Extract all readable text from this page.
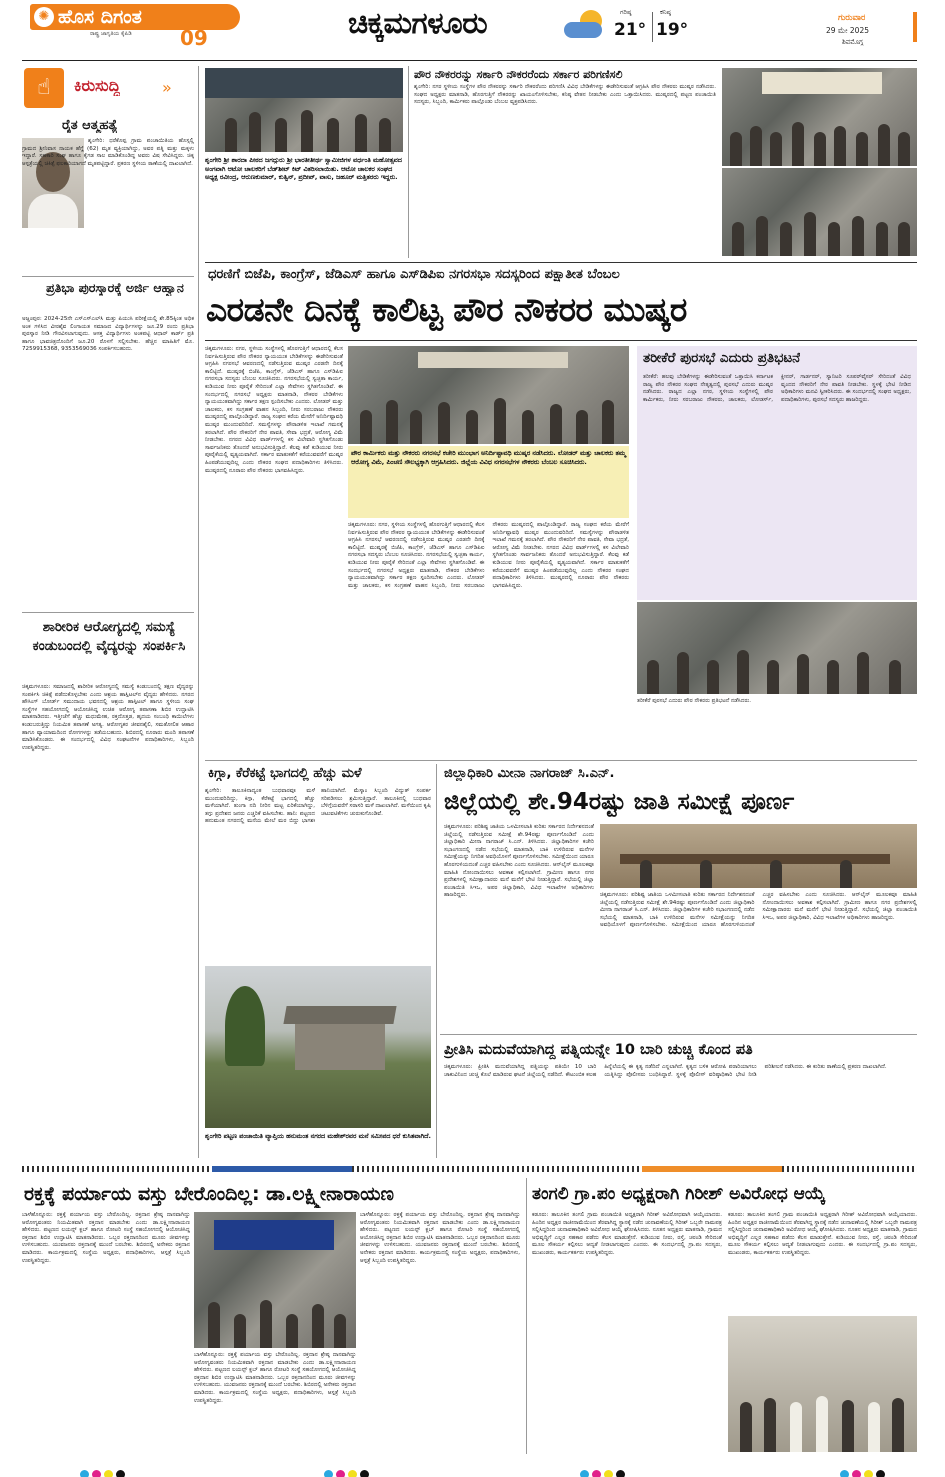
✺ ಹೊಸ ದಿಗಂತ
ರಾಷ್ಟ್ರ ಜಾಗೃತಿಯ ಕೈಪಿಡಿ 09	ಚಿಕ್ಕಮಗಳೂರು	ಗರಿಷ್ಠ
21°
ಕನಿಷ್ಠ
19°
ಗುರುವಾರ
29 ಮೇ 2025
ಶಿವಮೊಗ್ಗ
☝	ಕಿರುಸುದ್ದಿ	»
ರೈತ ಆತ್ಮಹತ್ಯೆ
ಶೃಂಗೇರಿ: ಧರೆಕೊಪ್ಪ ಗ್ರಾಮ ಪಂಚಾಯಿತಿಯ ಹೊಸ್ಸಲ್ಲಿ ಗ್ರಾಮದ ಶ್ರೀನಿವಾಸ ನಾಯಕ ಹೆಗ್ಡೆ (62) ಮೃತ ವ್ಯಕ್ತಿಯಾಗಿದ್ದು, ಅವರ ಪತ್ನಿ ಮತ್ತು ಮಕ್ಕಳು ಇದ್ದಾರೆ. ಸಹಕಾರಿ ಸಂಘ ಹಾಗೂ ಕೈಗಡ ಸಾಲ ಮಾಡಿಕೊಂಡಿದ್ದ ಅವರು ವಿಷ ಸೇವಿಸಿದ್ದರು. ಚಿಕ್ಕ ಆಸ್ಪತ್ರೆಯಲ್ಲಿ ಚಿಕಿತ್ಸೆ ಫಲಕಾರಿಯಾಗದೆ ಮೃತಪಟ್ಟಿದ್ದಾರೆ. ಪ್ರಕರಣ ಸ್ಥಳೀಯ ಠಾಣೆಯಲ್ಲಿ ದಾಖಲಾಗಿದೆ.
ಪ್ರತಿಭಾ ಪುರಸ್ಕಾರಕ್ಕೆ ಅರ್ಜಿ ಆಹ್ವಾನ
ಅಜ್ಜಂಪುರ: 2024-25ನೇ ಎಸ್‌ಎಸ್‌ಎಲ್‌ಸಿ ಮತ್ತು ಪಿಯುಸಿ ಪರೀಕ್ಷೆಯಲ್ಲಿ ಶೇ.85ಕ್ಕಿಂತ ಅಧಿಕ ಅಂಕ ಗಳಿಸಿದ ವೀರಶೈವ ಲಿಂಗಾಯತ ಸಮಾಜದ ವಿದ್ಯಾರ್ಥಿಗಳನ್ನು ಜೂ.29 ರಂದು ಪ್ರತಿಭಾ ಪುರಸ್ಕಾರ ನೀಡಿ ಗೌರವಿಸಲಾಗುವುದು. ಆಸಕ್ತ ವಿದ್ಯಾರ್ಥಿಗಳು ಅಂಕಪಟ್ಟಿ ಆಧಾರ್ ಕಾರ್ಡ್ ಪ್ರತಿ ಹಾಗೂ ಭಾವಚಿತ್ರದೊಂದಿಗೆ ಜೂ.20 ರೊಳಗೆ ಸಲ್ಲಿಸಬೇಕು. ಹೆಚ್ಚಿನ ಮಾಹಿತಿಗೆ ಮೊ. 7259915368, 9353569036 ಸಂಪರ್ಕಿಸಬಹುದು.
ಶಾರೀರಿಕ ಆರೋಗ್ಯದಲ್ಲಿ ಸಮಸ್ಯೆ ಕಂಡುಬಂದಲ್ಲಿ ವೈದ್ಯರನ್ನು ಸಂಪರ್ಕಿಸಿ
ಚಿಕ್ಕಮಗಳೂರು: ಸಮಾಜದಲ್ಲಿ ಶಾರೀರಿಕ ಆರೋಗ್ಯದಲ್ಲಿ ಸಮಸ್ಯೆ ಕಂಡುಬಂದಲ್ಲಿ ತಕ್ಷಣ ವೈದ್ಯರನ್ನು ಸಂಪರ್ಕಿಸಿ ಚಿಕಿತ್ಸೆ ಪಡೆದುಕೊಳ್ಳಬೇಕು ಎಂದು ಆಶ್ರಯ ಹಾಸ್ಪಿಟಲ್‌ನ ವೈದ್ಯರು ಹೇಳಿದರು. ನಗರದ ಹೌಸಿಂಗ್ ಬೋರ್ಡ್ ಸಮುದಾಯ ಭವನದಲ್ಲಿ ಆಶ್ರಯ ಹಾಸ್ಪಿಟಲ್ ಹಾಗೂ ಸ್ಥಳೀಯ ಸಂಘ ಸಂಸ್ಥೆಗಳ ಸಹಯೋಗದಲ್ಲಿ ಆಯೋಜಿಸಿದ್ದ ಉಚಿತ ಆರೋಗ್ಯ ತಪಾಸಣಾ ಶಿಬಿರ ಉದ್ಘಾಟಿಸಿ ಮಾತನಾಡಿದರು. ಇತ್ತೀಚೆಗೆ ಹೆಚ್ಚು ಮಧುಮೇಹ, ರಕ್ತದೊತ್ತಡ, ಹೃದಯ ಸಂಬಂಧಿ ಕಾಯಿಲೆಗಳು ಕಂಡುಬರುತ್ತಿದ್ದು ನಿಯಮಿತ ತಪಾಸಣೆ ಅಗತ್ಯ. ಆರೋಗ್ಯಕರ ಜೀವನಶೈಲಿ, ಸಮತೋಲಿತ ಆಹಾರ ಹಾಗೂ ವ್ಯಾಯಾಮದಿಂದ ರೋಗಗಳನ್ನು ತಡೆಯಬಹುದು. ಶಿಬಿರದಲ್ಲಿ ನೂರಾರು ಮಂದಿ ತಪಾಸಣೆ ಮಾಡಿಸಿಕೊಂಡರು. ಈ ಸಂದರ್ಭದಲ್ಲಿ ವಿವಿಧ ಸಂಘಟನೆಗಳ ಪದಾಧಿಕಾರಿಗಳು, ಸಿಬ್ಬಂದಿ ಉಪಸ್ಥಿತರಿದ್ದರು.
ಶೃಂಗೇರಿ ಶ್ರೀ ಶಾರದಾ ಪೀಠದ ಜಗದ್ಗುರು ಶ್ರೀ ಭಾರತೀತೀರ್ಥ ಸ್ವಾಮೀಜಿಗಳ ವರ್ಧಂತಿ ಮಹೋತ್ಸವದ ಅಂಗವಾಗಿ ಆಟೋ ಚಾಲಕರಿಗೆ ಬೆಡ್‌ಶೀಟ್ ಕಿಟ್ ವಿತರಿಸಲಾಯಿತು. ಆಟೋ ಚಾಲಕರ ಸಂಘದ ಅಧ್ಯಕ್ಷ ರವೀಂದ್ರ, ಆರುಣಕುಮಾರ್, ಕುತ್ವಿನ್, ಪ್ರದೀಪ್, ವಾಸು, ಜಹೂರ್ ಮತ್ತಿತರರು ಇದ್ದರು.
ಪೌರ ನೌಕರರನ್ನು ಸರ್ಕಾರಿ ನೌಕರರೆಂದು ಸರ್ಕಾರ ಪರಿಗಣಿಸಲಿ
ಶೃಂಗೇರಿ: ನಗರ ಸ್ಥಳೀಯ ಸಂಸ್ಥೆಗಳ ಪೌರ ನೌಕರರನ್ನು ಸರ್ಕಾರಿ ನೌಕರರೆಂದು ಪರಿಗಣಿಸಿ ವಿವಿಧ ಬೇಡಿಕೆಗಳನ್ನು ಈಡೇರಿಸುವಂತೆ ಆಗ್ರಹಿಸಿ ಪೌರ ನೌಕರರು ಮುಷ್ಕರ ನಡೆಸಿದರು. ಸಂಘದ ಅಧ್ಯಕ್ಷರು ಮಾತನಾಡಿ, ಹೊರಗುತ್ತಿಗೆ ನೌಕರರನ್ನು ಖಾಯಂಗೊಳಿಸಬೇಕು, ಕನಿಷ್ಠ ವೇತನ ನೀಡಬೇಕು ಎಂದು ಒತ್ತಾಯಿಸಿದರು. ಮುಷ್ಕರದಲ್ಲಿ ಪಟ್ಟಣ ಪಂಚಾಯಿತಿ ಸದಸ್ಯರು, ಸಿಬ್ಬಂದಿ, ಕಾರ್ಮಿಕರು ಪಾಲ್ಗೊಂಡು ಬೆಂಬಲ ವ್ಯಕ್ತಪಡಿಸಿದರು.
ಧರಣಿಗೆ ಬಿಜೆಪಿ, ಕಾಂಗ್ರೆಸ್, ಜೆಡಿಎಸ್ ಹಾಗೂ ಎಸ್‌ಡಿಪಿಐ ನಗರಸಭಾ ಸದಸ್ಯರಿಂದ ಪಕ್ಷಾತೀತ ಬೆಂಬಲ
ಎರಡನೇ ದಿನಕ್ಕೆ ಕಾಲಿಟ್ಟ ಪೌರ ನೌಕರರ ಮುಷ್ಕರ
ಚಿಕ್ಕಮಗಳೂರು: ನಗರ, ಸ್ಥಳೀಯ ಸಂಸ್ಥೆಗಳಲ್ಲಿ ಹೊರಗುತ್ತಿಗೆ ಆಧಾರದಲ್ಲಿ ಕೆಲಸ ನಿರ್ವಹಿಸುತ್ತಿರುವ ಪೌರ ನೌಕರರ ನ್ಯಾಯಯುತ ಬೇಡಿಕೆಗಳನ್ನು ಈಡೇರಿಸುವಂತೆ ಆಗ್ರಹಿಸಿ ನಗರಸಭೆ ಆವರಣದಲ್ಲಿ ನಡೆಸುತ್ತಿರುವ ಮುಷ್ಕರ ಎರಡನೇ ದಿನಕ್ಕೆ ಕಾಲಿಟ್ಟಿದೆ. ಮುಷ್ಕರಕ್ಕೆ ಬಿಜೆಪಿ, ಕಾಂಗ್ರೆಸ್, ಜೆಡಿಎಸ್ ಹಾಗೂ ಎಸ್‌ಡಿಪಿಐ ನಗರಸಭಾ ಸದಸ್ಯರು ಬೆಂಬಲ ಸೂಚಿಸಿದರು. ನಗರಸಭೆಯಲ್ಲಿ ಸ್ವಚ್ಛತಾ ಕಾರ್ಯ, ಕುಡಿಯುವ ನೀರು ಪೂರೈಕೆ ಸೇರಿದಂತೆ ಎಲ್ಲಾ ಸೇವೆಗಳು ಸ್ಥಗಿತಗೊಂಡಿವೆ. ಈ ಸಂದರ್ಭದಲ್ಲಿ ನಗರಸಭೆ ಅಧ್ಯಕ್ಷರು ಮಾತನಾಡಿ, ನೌಕರರ ಬೇಡಿಕೆಗಳು ನ್ಯಾಯಯುತವಾಗಿದ್ದು ಸರ್ಕಾರ ತಕ್ಷಣ ಸ್ಪಂದಿಸಬೇಕು ಎಂದರು. ಲೋಡರ್ ಮತ್ತು ಚಾಲಕರು, ಕಸ ಸಂಗ್ರಹಣೆ ವಾಹನ ಸಿಬ್ಬಂದಿ, ನೀರು ಸರಬರಾಜು ನೌಕರರು ಮುಷ್ಕರದಲ್ಲಿ ಪಾಲ್ಗೊಂಡಿದ್ದಾರೆ. ರಾಜ್ಯ ಸಂಘದ ಕರೆಯ ಮೇರೆಗೆ ಅನಿರ್ದಿಷ್ಟಾವಧಿ ಮುಷ್ಕರ ಮುಂದುವರಿದಿದೆ. ಸಮಸ್ಯೆಗಳನ್ನು ಪೌರಾಡಳಿತ ಇಲಾಖೆ ಗಮನಕ್ಕೆ ತರಲಾಗಿದೆ. ಪೌರ ನೌಕರರಿಗೆ ನೇರ ಪಾವತಿ, ಸೇವಾ ಭದ್ರತೆ, ಆರೋಗ್ಯ ವಿಮೆ ನೀಡಬೇಕು. ನಗರದ ವಿವಿಧ ವಾರ್ಡ್‌ಗಳಲ್ಲಿ ಕಸ ವಿಲೇವಾರಿ ಸ್ಥಗಿತಗೊಂಡು ಸಾರ್ವಜನಿಕರು ತೊಂದರೆ ಅನುಭವಿಸುತ್ತಿದ್ದಾರೆ. ಕೆಲವು ಕಡೆ ಕುಡಿಯುವ ನೀರು ಪೂರೈಕೆಯಲ್ಲಿ ವ್ಯತ್ಯಯವಾಗಿದೆ. ಸರ್ಕಾರ ಮಾತುಕತೆಗೆ ಕರೆಯುವವರೆಗೆ ಮುಷ್ಕರ ಹಿಂಪಡೆಯುವುದಿಲ್ಲ ಎಂದು ನೌಕರರ ಸಂಘದ ಪದಾಧಿಕಾರಿಗಳು ತಿಳಿಸಿದರು. ಮುಷ್ಕರದಲ್ಲಿ ನೂರಾರು ಪೌರ ನೌಕರರು ಭಾಗವಹಿಸಿದ್ದರು.
ಪೌರ ಕಾರ್ಮಿಕರು ಮತ್ತು ನೌಕರರು ನಗರಸಭೆ ಕಚೇರಿ ಮುಂಭಾಗ ಅನಿರ್ದಿಷ್ಟಾವಧಿ ಮುಷ್ಕರ ನಡೆಸಿದರು. ಲೋಡರ್ ಮತ್ತು ಚಾಲಕರು ತಮ್ಮ ಆರೋಗ್ಯ ವಿಮೆ, ಪಿಂಚಣಿ ಸೌಲಭ್ಯಕ್ಕಾಗಿ ಆಗ್ರಹಿಸಿದರು. ಜಿಲ್ಲೆಯ ವಿವಿಧ ನಗರಸಭೆಗಳ ನೌಕರರು ಬೆಂಬಲ ಸೂಚಿಸಿದರು.
ಚಿಕ್ಕಮಗಳೂರು: ನಗರ, ಸ್ಥಳೀಯ ಸಂಸ್ಥೆಗಳಲ್ಲಿ ಹೊರಗುತ್ತಿಗೆ ಆಧಾರದಲ್ಲಿ ಕೆಲಸ ನಿರ್ವಹಿಸುತ್ತಿರುವ ಪೌರ ನೌಕರರ ನ್ಯಾಯಯುತ ಬೇಡಿಕೆಗಳನ್ನು ಈಡೇರಿಸುವಂತೆ ಆಗ್ರಹಿಸಿ ನಗರಸಭೆ ಆವರಣದಲ್ಲಿ ನಡೆಸುತ್ತಿರುವ ಮುಷ್ಕರ ಎರಡನೇ ದಿನಕ್ಕೆ ಕಾಲಿಟ್ಟಿದೆ. ಮುಷ್ಕರಕ್ಕೆ ಬಿಜೆಪಿ, ಕಾಂಗ್ರೆಸ್, ಜೆಡಿಎಸ್ ಹಾಗೂ ಎಸ್‌ಡಿಪಿಐ ನಗರಸಭಾ ಸದಸ್ಯರು ಬೆಂಬಲ ಸೂಚಿಸಿದರು. ನಗರಸಭೆಯಲ್ಲಿ ಸ್ವಚ್ಛತಾ ಕಾರ್ಯ, ಕುಡಿಯುವ ನೀರು ಪೂರೈಕೆ ಸೇರಿದಂತೆ ಎಲ್ಲಾ ಸೇವೆಗಳು ಸ್ಥಗಿತಗೊಂಡಿವೆ. ಈ ಸಂದರ್ಭದಲ್ಲಿ ನಗರಸಭೆ ಅಧ್ಯಕ್ಷರು ಮಾತನಾಡಿ, ನೌಕರರ ಬೇಡಿಕೆಗಳು ನ್ಯಾಯಯುತವಾಗಿದ್ದು ಸರ್ಕಾರ ತಕ್ಷಣ ಸ್ಪಂದಿಸಬೇಕು ಎಂದರು. ಲೋಡರ್ ಮತ್ತು ಚಾಲಕರು, ಕಸ ಸಂಗ್ರಹಣೆ ವಾಹನ ಸಿಬ್ಬಂದಿ, ನೀರು ಸರಬರಾಜು ನೌಕರರು ಮುಷ್ಕರದಲ್ಲಿ ಪಾಲ್ಗೊಂಡಿದ್ದಾರೆ. ರಾಜ್ಯ ಸಂಘದ ಕರೆಯ ಮೇರೆಗೆ ಅನಿರ್ದಿಷ್ಟಾವಧಿ ಮುಷ್ಕರ ಮುಂದುವರಿದಿದೆ. ಸಮಸ್ಯೆಗಳನ್ನು ಪೌರಾಡಳಿತ ಇಲಾಖೆ ಗಮನಕ್ಕೆ ತರಲಾಗಿದೆ. ಪೌರ ನೌಕರರಿಗೆ ನೇರ ಪಾವತಿ, ಸೇವಾ ಭದ್ರತೆ, ಆರೋಗ್ಯ ವಿಮೆ ನೀಡಬೇಕು. ನಗರದ ವಿವಿಧ ವಾರ್ಡ್‌ಗಳಲ್ಲಿ ಕಸ ವಿಲೇವಾರಿ ಸ್ಥಗಿತಗೊಂಡು ಸಾರ್ವಜನಿಕರು ತೊಂದರೆ ಅನುಭವಿಸುತ್ತಿದ್ದಾರೆ. ಕೆಲವು ಕಡೆ ಕುಡಿಯುವ ನೀರು ಪೂರೈಕೆಯಲ್ಲಿ ವ್ಯತ್ಯಯವಾಗಿದೆ. ಸರ್ಕಾರ ಮಾತುಕತೆಗೆ ಕರೆಯುವವರೆಗೆ ಮುಷ್ಕರ ಹಿಂಪಡೆಯುವುದಿಲ್ಲ ಎಂದು ನೌಕರರ ಸಂಘದ ಪದಾಧಿಕಾರಿಗಳು ತಿಳಿಸಿದರು. ಮುಷ್ಕರದಲ್ಲಿ ನೂರಾರು ಪೌರ ನೌಕರರು ಭಾಗವಹಿಸಿದ್ದರು.
ತರೀಕೆರೆ ಪುರಸಭೆ ಎದುರು ಪ್ರತಿಭಟನೆ
ತರೀಕೆರೆ: ಹಲವು ಬೇಡಿಕೆಗಳನ್ನು ಈಡೇರಿಸುವಂತೆ ಒತ್ತಾಯಿಸಿ ಕರ್ನಾಟಕ ರಾಜ್ಯ ಪೌರ ನೌಕರರ ಸಂಘದ ನೇತೃತ್ವದಲ್ಲಿ ಪುರಸಭೆ ಎದುರು ಮುಷ್ಕರ ನಡೆಸಿದರು. ರಾಜ್ಯದ ಎಲ್ಲಾ ನಗರ, ಸ್ಥಳೀಯ ಸಂಸ್ಥೆಗಳಲ್ಲಿ ಪೌರ ಕಾರ್ಮಿಕರು, ನೀರು ಸರಬರಾಜು ನೌಕರರು, ಚಾಲಕರು, ಲೋಡರ್ಸ್, ಕ್ಲೀನರ್, ಗಾರ್ಡನರ್, ಸ್ಯಾನಿಟರಿ ಸೂಪರ್‌ವೈಸರ್ ಸೇರಿದಂತೆ ವಿವಿಧ ವೃಂದದ ನೌಕರರಿಗೆ ನೇರ ಪಾವತಿ ನೀಡಬೇಕು. ಸ್ಥಳಕ್ಕೆ ಭೇಟಿ ನೀಡಿದ ಅಧಿಕಾರಿಗಳು ಮನವಿ ಸ್ವೀಕರಿಸಿದರು. ಈ ಸಂದರ್ಭದಲ್ಲಿ ಸಂಘದ ಅಧ್ಯಕ್ಷರು, ಪದಾಧಿಕಾರಿಗಳು, ಪುರಸಭೆ ಸದಸ್ಯರು ಹಾಜರಿದ್ದರು.
ತರೀಕೆರೆ ಪುರಸಭೆ ಎದುರು ಪೌರ ನೌಕರರು ಪ್ರತಿಭಟನೆ ನಡೆಸಿದರು.
ಕಿಗ್ಗಾ, ಕೆರೆಕಟ್ಟೆ ಭಾಗದಲ್ಲಿ ಹೆಚ್ಚು ಮಳೆ
ಶೃಂಗೇರಿ: ತಾಲೂಕಿನಾದ್ಯಂತ ಬುಧವಾರವೂ ಮಳೆ ಮುಂದುವರಿದಿದ್ದು, ಕಿಗ್ಗಾ, ಕೆರೆಕಟ್ಟೆ ಭಾಗದಲ್ಲಿ ಹೆಚ್ಚು ಮಳೆಯಾಗಿದೆ. ತುಂಗಾ ನದಿ ನೀರಿನ ಮಟ್ಟ ಏರಿಕೆಯಾಗಿದ್ದು, ತಗ್ಗು ಪ್ರದೇಶದ ಜನರು ಎಚ್ಚರಿಕೆ ವಹಿಸಬೇಕು. ಹಾನಿ: ಪಟ್ಟಣದ ಹನುಮಂತ ನಗರದಲ್ಲಿ ಮನೆಯ ಮೇಲೆ ಮರ ಬಿದ್ದು ಭಾಗಶಃ ಹಾನಿಯಾಗಿದೆ. ಮೆಸ್ಕಾಂ ಸಿಬ್ಬಂದಿ ವಿದ್ಯುತ್ ಸಂಪರ್ಕ ಸರಿಪಡಿಸಲು ಶ್ರಮಿಸುತ್ತಿದ್ದಾರೆ. ತಾಲೂಕಿನಲ್ಲಿ ಬುಧವಾರ ಬೆಳಿಗ್ಗೆಯವರೆಗೆ ಸರಾಸರಿ ಮಳೆ ದಾಖಲಾಗಿದೆ. ಮಳೆಯಿಂದ ಕೃಷಿ ಚಟುವಟಿಕೆಗಳು ಚುರುಕುಗೊಂಡಿವೆ.
ಶೃಂಗೇರಿ ಪಟ್ಟಣ ಪಂಚಾಯಿತಿ ವ್ಯಾಪ್ತಿಯ ಹನುಮಂತ ನಗರದ ಮಹೇಶ್‌ರವರ ಮನೆ ಸಮೀಪದ ಧರೆ ಕುಸಿತವಾಗಿದೆ.
ಜಿಲ್ಲಾಧಿಕಾರಿ ಮೀನಾ ನಾಗರಾಜ್ ಸಿ.ಎನ್.
ಜಿಲ್ಲೆಯಲ್ಲಿ ಶೇ.94ರಷ್ಟು ಜಾತಿ ಸಮೀಕ್ಷೆ ಪೂರ್ಣ
ಚಿಕ್ಕಮಗಳೂರು: ಪರಿಶಿಷ್ಟ ಜಾತಿಯ ಒಳಮೀಸಲಾತಿ ಕುರಿತು ಸರ್ಕಾರದ ನಿರ್ದೇಶನದಂತೆ ಜಿಲ್ಲೆಯಲ್ಲಿ ನಡೆಸುತ್ತಿರುವ ಸಮೀಕ್ಷೆ ಶೇ.94ರಷ್ಟು ಪೂರ್ಣಗೊಂಡಿದೆ ಎಂದು ಜಿಲ್ಲಾಧಿಕಾರಿ ಮೀನಾ ನಾಗರಾಜ್ ಸಿ.ಎನ್. ತಿಳಿಸಿದರು. ಜಿಲ್ಲಾಧಿಕಾರಿಗಳ ಕಚೇರಿ ಸಭಾಂಗಣದಲ್ಲಿ ನಡೆದ ಸಭೆಯಲ್ಲಿ ಮಾತನಾಡಿ, ಬಾಕಿ ಉಳಿದಿರುವ ಮನೆಗಳ ಸಮೀಕ್ಷೆಯನ್ನು ನಿಗದಿತ ಅವಧಿಯೊಳಗೆ ಪೂರ್ಣಗೊಳಿಸಬೇಕು. ಸಮೀಕ್ಷೆಯಿಂದ ಯಾರೂ ಹೊರಗುಳಿಯದಂತೆ ಎಚ್ಚರ ವಹಿಸಬೇಕು ಎಂದು ಸೂಚಿಸಿದರು. ಆನ್‌ಲೈನ್ ಮೂಲಕವೂ ಮಾಹಿತಿ ನೋಂದಾಯಿಸಲು ಅವಕಾಶ ಕಲ್ಪಿಸಲಾಗಿದೆ. ಗ್ರಾಮೀಣ ಹಾಗೂ ನಗರ ಪ್ರದೇಶಗಳಲ್ಲಿ ಸಮೀಕ್ಷಾದಾರರು ಮನೆ ಮನೆಗೆ ಭೇಟಿ ನೀಡುತ್ತಿದ್ದಾರೆ. ಸಭೆಯಲ್ಲಿ ಜಿಲ್ಲಾ ಪಂಚಾಯಿತಿ ಸಿಇಒ, ಅಪರ ಜಿಲ್ಲಾಧಿಕಾರಿ, ವಿವಿಧ ಇಲಾಖೆಗಳ ಅಧಿಕಾರಿಗಳು ಹಾಜರಿದ್ದರು.	ಚಿಕ್ಕಮಗಳೂರು: ಪರಿಶಿಷ್ಟ ಜಾತಿಯ ಒಳಮೀಸಲಾತಿ ಕುರಿತು ಸರ್ಕಾರದ ನಿರ್ದೇಶನದಂತೆ ಜಿಲ್ಲೆಯಲ್ಲಿ ನಡೆಸುತ್ತಿರುವ ಸಮೀಕ್ಷೆ ಶೇ.94ರಷ್ಟು ಪೂರ್ಣಗೊಂಡಿದೆ ಎಂದು ಜಿಲ್ಲಾಧಿಕಾರಿ ಮೀನಾ ನಾಗರಾಜ್ ಸಿ.ಎನ್. ತಿಳಿಸಿದರು. ಜಿಲ್ಲಾಧಿಕಾರಿಗಳ ಕಚೇರಿ ಸಭಾಂಗಣದಲ್ಲಿ ನಡೆದ ಸಭೆಯಲ್ಲಿ ಮಾತನಾಡಿ, ಬಾಕಿ ಉಳಿದಿರುವ ಮನೆಗಳ ಸಮೀಕ್ಷೆಯನ್ನು ನಿಗದಿತ ಅವಧಿಯೊಳಗೆ ಪೂರ್ಣಗೊಳಿಸಬೇಕು. ಸಮೀಕ್ಷೆಯಿಂದ ಯಾರೂ ಹೊರಗುಳಿಯದಂತೆ ಎಚ್ಚರ ವಹಿಸಬೇಕು ಎಂದು ಸೂಚಿಸಿದರು. ಆನ್‌ಲೈನ್ ಮೂಲಕವೂ ಮಾಹಿತಿ ನೋಂದಾಯಿಸಲು ಅವಕಾಶ ಕಲ್ಪಿಸಲಾಗಿದೆ. ಗ್ರಾಮೀಣ ಹಾಗೂ ನಗರ ಪ್ರದೇಶಗಳಲ್ಲಿ ಸಮೀಕ್ಷಾದಾರರು ಮನೆ ಮನೆಗೆ ಭೇಟಿ ನೀಡುತ್ತಿದ್ದಾರೆ. ಸಭೆಯಲ್ಲಿ ಜಿಲ್ಲಾ ಪಂಚಾಯಿತಿ ಸಿಇಒ, ಅಪರ ಜಿಲ್ಲಾಧಿಕಾರಿ, ವಿವಿಧ ಇಲಾಖೆಗಳ ಅಧಿಕಾರಿಗಳು ಹಾಜರಿದ್ದರು.
ಪ್ರೀತಿಸಿ ಮದುವೆಯಾಗಿದ್ದ ಪತ್ನಿಯನ್ನೇ 10 ಬಾರಿ ಚುಚ್ಚಿ ಕೊಂದ ಪತಿ
ಚಿಕ್ಕಮಗಳೂರು: ಪ್ರೀತಿಸಿ ಮದುವೆಯಾಗಿದ್ದ ಪತ್ನಿಯನ್ನು ಪತಿಯೇ 10 ಬಾರಿ ಚಾಕುವಿನಿಂದ ಚುಚ್ಚಿ ಕೊಲೆ ಮಾಡಿರುವ ಘಟನೆ ಜಿಲ್ಲೆಯಲ್ಲಿ ನಡೆದಿದೆ. ಕೌಟುಂಬಿಕ ಕಲಹ ಹಿನ್ನೆಲೆಯಲ್ಲಿ ಈ ಕೃತ್ಯ ನಡೆದಿದೆ ಎನ್ನಲಾಗಿದೆ. ಕೃತ್ಯದ ಬಳಿಕ ಆರೋಪಿ ಪರಾರಿಯಾಗಲು ಯತ್ನಿಸಿದ್ದು ಪೊಲೀಸರು ಬಂಧಿಸಿದ್ದಾರೆ. ಸ್ಥಳಕ್ಕೆ ಪೊಲೀಸ್ ವರಿಷ್ಠಾಧಿಕಾರಿ ಭೇಟಿ ನೀಡಿ ಪರಿಶೀಲನೆ ನಡೆಸಿದರು. ಈ ಕುರಿತು ಠಾಣೆಯಲ್ಲಿ ಪ್ರಕರಣ ದಾಖಲಾಗಿದೆ.
ರಕ್ತಕ್ಕೆ ಪರ್ಯಾಯ ವಸ್ತು ಬೇರೊಂದಿಲ್ಲ: ಡಾ.ಲಕ್ಷ್ಮೀನಾರಾಯಣ
ಬಾಳೆಹೊನ್ನೂರು: ರಕ್ತಕ್ಕೆ ಪರ್ಯಾಯ ವಸ್ತು ಬೇರೊಂದಿಲ್ಲ. ರಕ್ತದಾನ ಶ್ರೇಷ್ಠ ದಾನವಾಗಿದ್ದು ಆರೋಗ್ಯವಂತರು ನಿಯಮಿತವಾಗಿ ರಕ್ತದಾನ ಮಾಡಬೇಕು ಎಂದು ಡಾ.ಲಕ್ಷ್ಮೀನಾರಾಯಣ ಹೇಳಿದರು. ಪಟ್ಟಣದ ಲಯನ್ಸ್ ಕ್ಲಬ್ ಹಾಗೂ ರೋಟರಿ ಸಂಸ್ಥೆ ಸಹಯೋಗದಲ್ಲಿ ಆಯೋಜಿಸಿದ್ದ ರಕ್ತದಾನ ಶಿಬಿರ ಉದ್ಘಾಟಿಸಿ ಮಾತನಾಡಿದರು. ಒಬ್ಬರ ರಕ್ತದಾನದಿಂದ ಮೂರು ಜೀವಗಳನ್ನು ಉಳಿಸಬಹುದು. ಯುವಜನರು ರಕ್ತದಾನಕ್ಕೆ ಮುಂದೆ ಬರಬೇಕು. ಶಿಬಿರದಲ್ಲಿ ಅನೇಕರು ರಕ್ತದಾನ ಮಾಡಿದರು. ಕಾರ್ಯಕ್ರಮದಲ್ಲಿ ಸಂಸ್ಥೆಯ ಅಧ್ಯಕ್ಷರು, ಪದಾಧಿಕಾರಿಗಳು, ಆಸ್ಪತ್ರೆ ಸಿಬ್ಬಂದಿ ಉಪಸ್ಥಿತರಿದ್ದರು.
ಬಾಳೆಹೊನ್ನೂರು: ರಕ್ತಕ್ಕೆ ಪರ್ಯಾಯ ವಸ್ತು ಬೇರೊಂದಿಲ್ಲ. ರಕ್ತದಾನ ಶ್ರೇಷ್ಠ ದಾನವಾಗಿದ್ದು ಆರೋಗ್ಯವಂತರು ನಿಯಮಿತವಾಗಿ ರಕ್ತದಾನ ಮಾಡಬೇಕು ಎಂದು ಡಾ.ಲಕ್ಷ್ಮೀನಾರಾಯಣ ಹೇಳಿದರು. ಪಟ್ಟಣದ ಲಯನ್ಸ್ ಕ್ಲಬ್ ಹಾಗೂ ರೋಟರಿ ಸಂಸ್ಥೆ ಸಹಯೋಗದಲ್ಲಿ ಆಯೋಜಿಸಿದ್ದ ರಕ್ತದಾನ ಶಿಬಿರ ಉದ್ಘಾಟಿಸಿ ಮಾತನಾಡಿದರು. ಒಬ್ಬರ ರಕ್ತದಾನದಿಂದ ಮೂರು ಜೀವಗಳನ್ನು ಉಳಿಸಬಹುದು. ಯುವಜನರು ರಕ್ತದಾನಕ್ಕೆ ಮುಂದೆ ಬರಬೇಕು. ಶಿಬಿರದಲ್ಲಿ ಅನೇಕರು ರಕ್ತದಾನ ಮಾಡಿದರು. ಕಾರ್ಯಕ್ರಮದಲ್ಲಿ ಸಂಸ್ಥೆಯ ಅಧ್ಯಕ್ಷರು, ಪದಾಧಿಕಾರಿಗಳು, ಆಸ್ಪತ್ರೆ ಸಿಬ್ಬಂದಿ ಉಪಸ್ಥಿತರಿದ್ದರು.
ಬಾಳೆಹೊನ್ನೂರು: ರಕ್ತಕ್ಕೆ ಪರ್ಯಾಯ ವಸ್ತು ಬೇರೊಂದಿಲ್ಲ. ರಕ್ತದಾನ ಶ್ರೇಷ್ಠ ದಾನವಾಗಿದ್ದು ಆರೋಗ್ಯವಂತರು ನಿಯಮಿತವಾಗಿ ರಕ್ತದಾನ ಮಾಡಬೇಕು ಎಂದು ಡಾ.ಲಕ್ಷ್ಮೀನಾರಾಯಣ ಹೇಳಿದರು. ಪಟ್ಟಣದ ಲಯನ್ಸ್ ಕ್ಲಬ್ ಹಾಗೂ ರೋಟರಿ ಸಂಸ್ಥೆ ಸಹಯೋಗದಲ್ಲಿ ಆಯೋಜಿಸಿದ್ದ ರಕ್ತದಾನ ಶಿಬಿರ ಉದ್ಘಾಟಿಸಿ ಮಾತನಾಡಿದರು. ಒಬ್ಬರ ರಕ್ತದಾನದಿಂದ ಮೂರು ಜೀವಗಳನ್ನು ಉಳಿಸಬಹುದು. ಯುವಜನರು ರಕ್ತದಾನಕ್ಕೆ ಮುಂದೆ ಬರಬೇಕು. ಶಿಬಿರದಲ್ಲಿ ಅನೇಕರು ರಕ್ತದಾನ ಮಾಡಿದರು. ಕಾರ್ಯಕ್ರಮದಲ್ಲಿ ಸಂಸ್ಥೆಯ ಅಧ್ಯಕ್ಷರು, ಪದಾಧಿಕಾರಿಗಳು, ಆಸ್ಪತ್ರೆ ಸಿಬ್ಬಂದಿ ಉಪಸ್ಥಿತರಿದ್ದರು.
ತಂಗಲಿ ಗ್ರಾ.ಪಂ ಅಧ್ಯಕ್ಷರಾಗಿ ಗಿರೀಶ್ ಅವಿರೋಧ ಆಯ್ಕೆ
ಕಡೂರು: ತಾಲೂಕಿನ ತಂಗಲಿ ಗ್ರಾಮ ಪಂಚಾಯಿತಿ ಅಧ್ಯಕ್ಷರಾಗಿ ಗಿರೀಶ್ ಅವಿರೋಧವಾಗಿ ಆಯ್ಕೆಯಾದರು. ಹಿಂದಿನ ಅಧ್ಯಕ್ಷರ ರಾಜೀನಾಮೆಯಿಂದ ತೆರವಾಗಿದ್ದ ಸ್ಥಾನಕ್ಕೆ ನಡೆದ ಚುನಾವಣೆಯಲ್ಲಿ ಗಿರೀಶ್ ಒಬ್ಬರೇ ನಾಮಪತ್ರ ಸಲ್ಲಿಸಿದ್ದರಿಂದ ಚುನಾವಣಾಧಿಕಾರಿ ಅವಿರೋಧ ಆಯ್ಕೆ ಘೋಷಿಸಿದರು. ನೂತನ ಅಧ್ಯಕ್ಷರು ಮಾತನಾಡಿ, ಗ್ರಾಮದ ಅಭಿವೃದ್ಧಿಗೆ ಎಲ್ಲರ ಸಹಕಾರ ಪಡೆದು ಕೆಲಸ ಮಾಡುತ್ತೇನೆ. ಕುಡಿಯುವ ನೀರು, ರಸ್ತೆ, ಚರಂಡಿ ಸೇರಿದಂತೆ ಮೂಲ ಸೌಕರ್ಯ ಕಲ್ಪಿಸಲು ಆದ್ಯತೆ ನೀಡಲಾಗುವುದು ಎಂದರು. ಈ ಸಂದರ್ಭದಲ್ಲಿ ಗ್ರಾ.ಪಂ ಸದಸ್ಯರು, ಮುಖಂಡರು, ಕಾರ್ಯಕರ್ತರು ಉಪಸ್ಥಿತರಿದ್ದರು.
ಕಡೂರು: ತಾಲೂಕಿನ ತಂಗಲಿ ಗ್ರಾಮ ಪಂಚಾಯಿತಿ ಅಧ್ಯಕ್ಷರಾಗಿ ಗಿರೀಶ್ ಅವಿರೋಧವಾಗಿ ಆಯ್ಕೆಯಾದರು. ಹಿಂದಿನ ಅಧ್ಯಕ್ಷರ ರಾಜೀನಾಮೆಯಿಂದ ತೆರವಾಗಿದ್ದ ಸ್ಥಾನಕ್ಕೆ ನಡೆದ ಚುನಾವಣೆಯಲ್ಲಿ ಗಿರೀಶ್ ಒಬ್ಬರೇ ನಾಮಪತ್ರ ಸಲ್ಲಿಸಿದ್ದರಿಂದ ಚುನಾವಣಾಧಿಕಾರಿ ಅವಿರೋಧ ಆಯ್ಕೆ ಘೋಷಿಸಿದರು. ನೂತನ ಅಧ್ಯಕ್ಷರು ಮಾತನಾಡಿ, ಗ್ರಾಮದ ಅಭಿವೃದ್ಧಿಗೆ ಎಲ್ಲರ ಸಹಕಾರ ಪಡೆದು ಕೆಲಸ ಮಾಡುತ್ತೇನೆ. ಕುಡಿಯುವ ನೀರು, ರಸ್ತೆ, ಚರಂಡಿ ಸೇರಿದಂತೆ ಮೂಲ ಸೌಕರ್ಯ ಕಲ್ಪಿಸಲು ಆದ್ಯತೆ ನೀಡಲಾಗುವುದು ಎಂದರು. ಈ ಸಂದರ್ಭದಲ್ಲಿ ಗ್ರಾ.ಪಂ ಸದಸ್ಯರು, ಮುಖಂಡರು, ಕಾರ್ಯಕರ್ತರು ಉಪಸ್ಥಿತರಿದ್ದರು.
